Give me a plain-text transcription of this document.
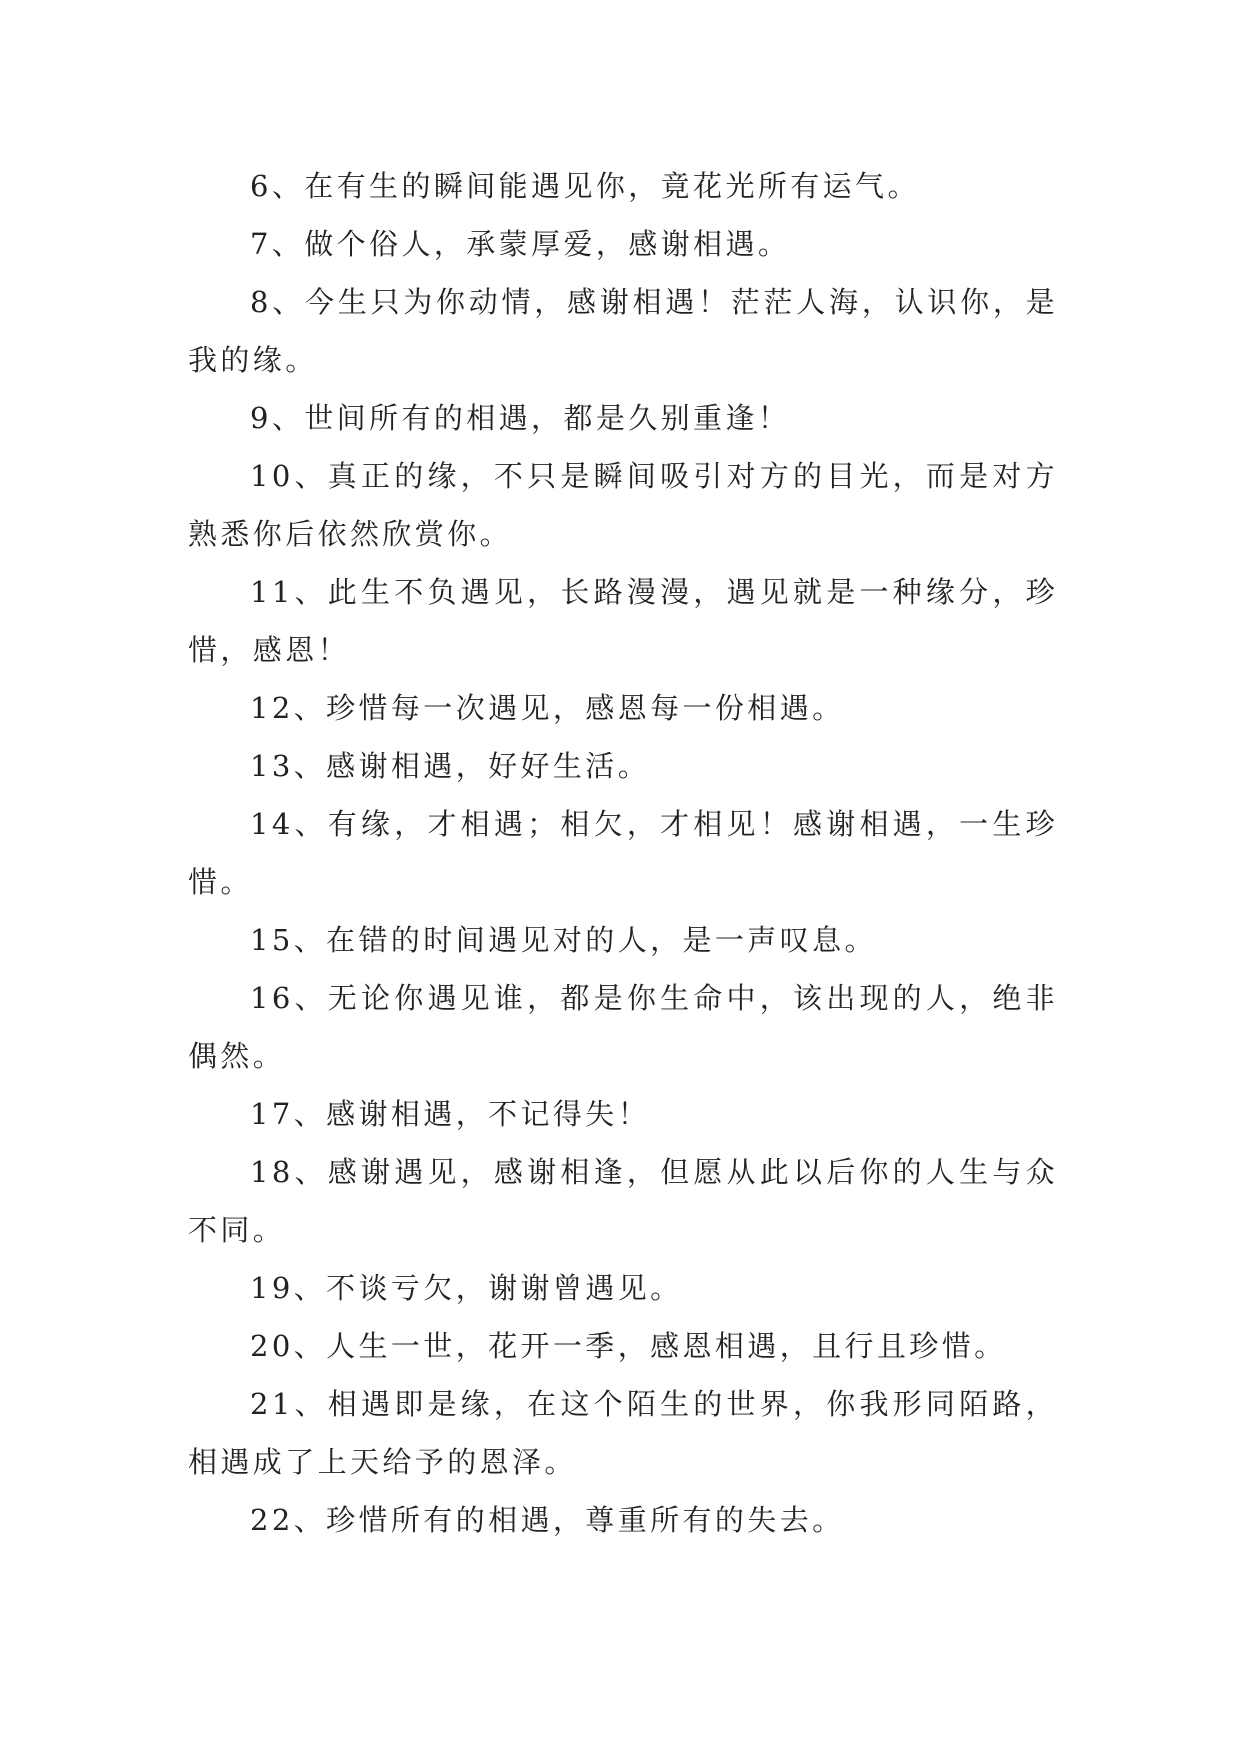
6、在有生的瞬间能遇见你，竟花光所有运气。

7、做个俗人，承蒙厚爱，感谢相遇。

8、今生只为你动情，感谢相遇！茫茫人海，认识你，是我的缘。

9、世间所有的相遇，都是久别重逢！

10、真正的缘，不只是瞬间吸引对方的目光，而是对方熟悉你后依然欣赏你。

11、此生不负遇见，长路漫漫，遇见就是一种缘分，珍惜，感恩！

12、珍惜每一次遇见，感恩每一份相遇。

13、感谢相遇，好好生活。

14、有缘，才相遇；相欠，才相见！感谢相遇，一生珍惜。

15、在错的时间遇见对的人，是一声叹息。

16、无论你遇见谁，都是你生命中，该出现的人，绝非偶然。

17、感谢相遇，不记得失！

18、感谢遇见，感谢相逢，但愿从此以后你的人生与众不同。

19、不谈亏欠，谢谢曾遇见。

20、人生一世，花开一季，感恩相遇，且行且珍惜。

21、相遇即是缘，在这个陌生的世界，你我形同陌路，相遇成了上天给予的恩泽。

22、珍惜所有的相遇，尊重所有的失去。
